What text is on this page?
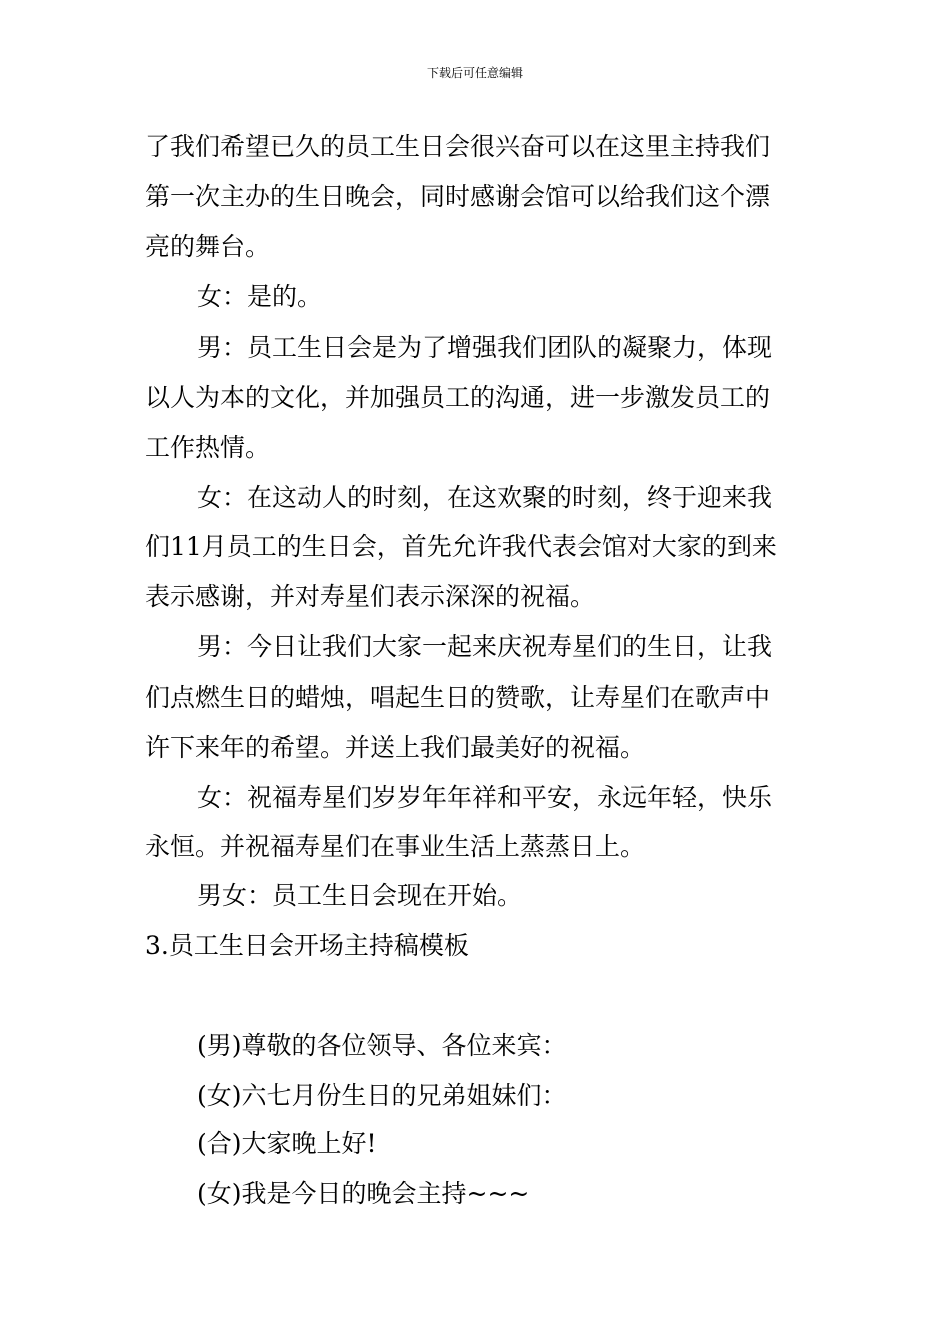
下载后可任意编辑
了我们希望已久的员工生日会很兴奋可以在这里主持我们
第一次主办的生日晚会，同时感谢会馆可以给我们这个漂
亮的舞台。
女：是的。
男：员工生日会是为了增强我们团队的凝聚力，体现
以人为本的文化，并加强员工的沟通，进一步激发员工的
工作热情。
女：在这动人的时刻，在这欢聚的时刻，终于迎来我
们11月员工的生日会，首先允许我代表会馆对大家的到来
表示感谢，并对寿星们表示深深的祝福。
男：今日让我们大家一起来庆祝寿星们的生日，让我
们点燃生日的蜡烛，唱起生日的赞歌，让寿星们在歌声中
许下来年的希望。并送上我们最美好的祝福。
女：祝福寿星们岁岁年年祥和平安，永远年轻，快乐
永恒。并祝福寿星们在事业生活上蒸蒸日上。
男女：员工生日会现在开始。
3.员工生日会开场主持稿模板
(男)尊敬的各位领导、各位来宾：
(女)六七月份生日的兄弟姐妹们：
(合)大家晚上好!
(女)我是今日的晚会主持~~~
